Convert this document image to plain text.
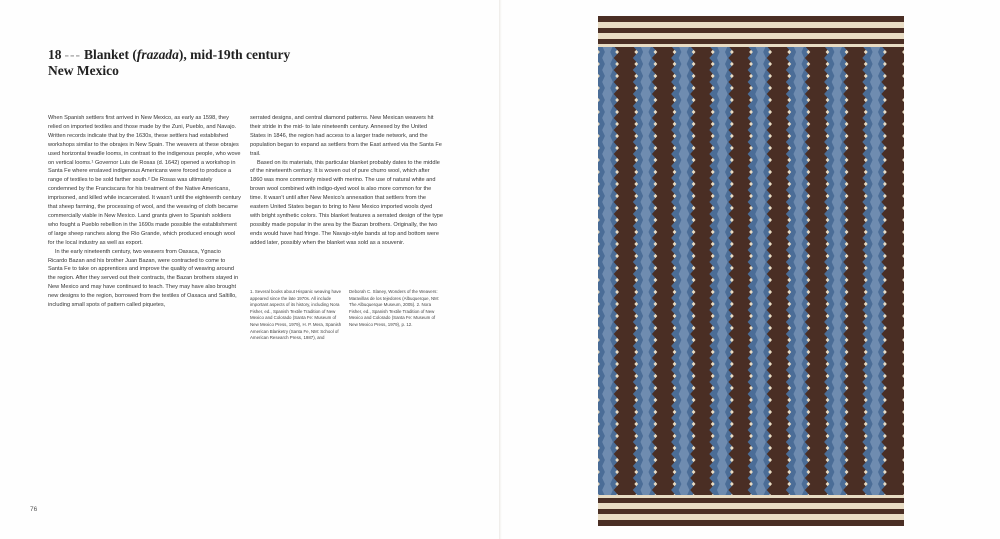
18 --- Blanket (frazada), mid-19th century
New Mexico

When Spanish settlers first arrived in New Mexico, as early as 1598, they relied on imported textiles and those made by the Zuni, Pueblo, and Navajo. Written records indicate that by the 1630s, these settlers had established workshops similar to the obrajes in New Spain. The weavers at these obrajes used horizontal treadle looms, in contrast to the indigenous people, who wove on vertical looms.¹ Governor Luis de Rosas (d. 1642) opened a workshop in Santa Fe where enslaved indigenous Americans were forced to produce a range of textiles to be sold farther south.² De Rosas was ultimately condemned by the Franciscans for his treatment of the Native Americans, imprisoned, and killed while incarcerated. It wasn't until the eighteenth century that sheep farming, the processing of wool, and the weaving of cloth became commercially viable in New Mexico. Land grants given to Spanish soldiers who fought a Pueblo rebellion in the 1690s made possible the establishment of large sheep ranches along the Rio Grande, which produced enough wool for the local industry as well as export.

In the early nineteenth century, two weavers from Oaxaca, Ygnacio Ricardo Bazan and his brother Juan Bazan, were contracted to come to Santa Fe to take on apprentices and improve the quality of weaving around the region. After they served out their contracts, the Bazan brothers stayed in New Mexico and may have continued to teach. They may have also brought new designs to the region, borrowed from the textiles of Oaxaca and Saltillo, including small spots of pattern called piquetes,

serrated designs, and central diamond patterns. New Mexican weavers hit their stride in the mid- to late nineteenth century. Annexed by the United States in 1846, the region had access to a larger trade network, and the population began to expand as settlers from the East arrived via the Santa Fe trail.

Based on its materials, this particular blanket probably dates to the middle of the nineteenth century. It is woven out of pure churro wool, which after 1860 was more commonly mixed with merino. The use of natural white and brown wool combined with indigo-dyed wool is also more common for the time. It wasn't until after New Mexico's annexation that settlers from the eastern United States began to bring to New Mexico imported wools dyed with bright synthetic colors. This blanket features a serrated design of the type possibly made popular in the area by the Bazan brothers. Originally, the two ends would have had fringe. The Navajo-style bands at top and bottom were added later, possibly when the blanket was sold as a souvenir.

1. Several books about Hispanic weaving have appeared since the late 1970s. All include important aspects of its history, including Nora Fisher, ed., Spanish Textile Tradition of New Mexico and Colorado (Santa Fe: Museum of New Mexico Press, 1979), H. P. Mera, Spanish American Blanketry (Santa Fe, NM: School of American Research Press, 1987), and
Deborah C. Slaney, Wonders of the Weavers: Maravillas de los tejedores (Albuquerque, NM: The Albuquerque Museum, 2005). 2. Nora Fisher, ed., Spanish Textile Tradition of New Mexico and Colorado (Santa Fe: Museum of New Mexico Press, 1979), p. 12.
76
